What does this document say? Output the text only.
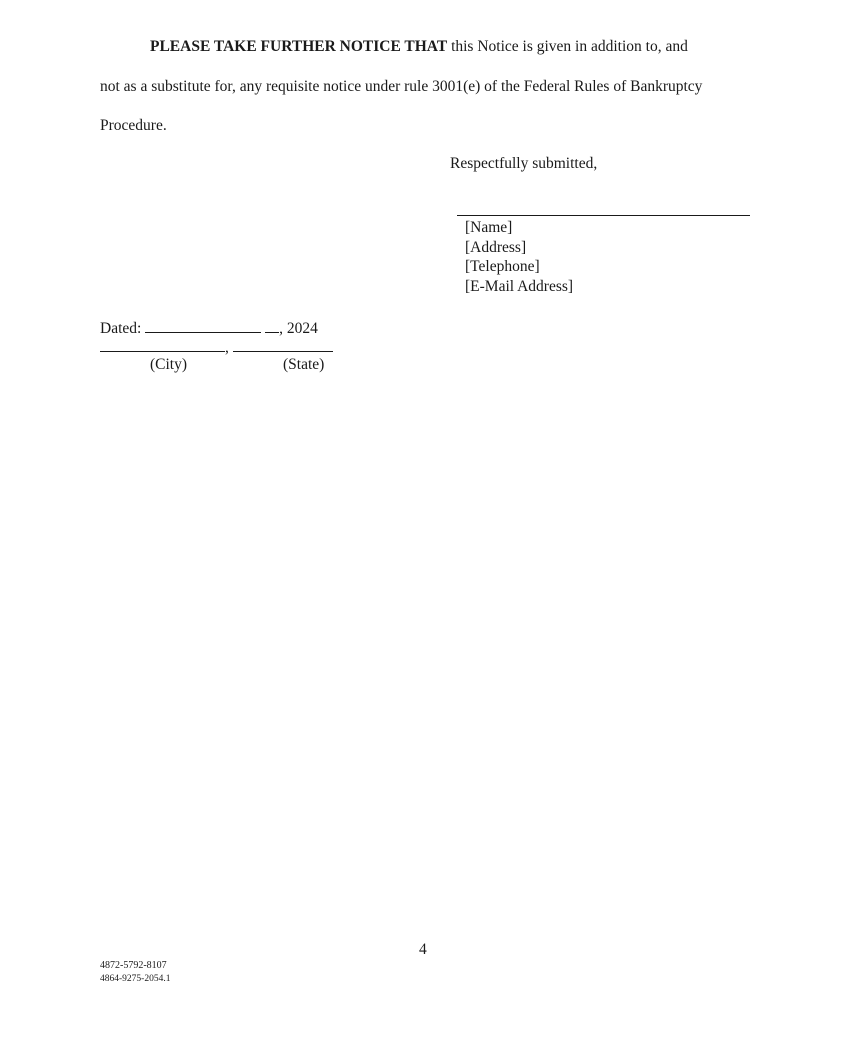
PLEASE TAKE FURTHER NOTICE THAT this Notice is given in addition to, and
not as a substitute for, any requisite notice under rule 3001(e) of the Federal Rules of Bankruptcy
Procedure.
Respectfully submitted,
[Name]
[Address]
[Telephone]
[E-Mail Address]
Dated:	, 2024
,
(City)	(State)
4
4872-5792-8107
4864-9275-2054.1
